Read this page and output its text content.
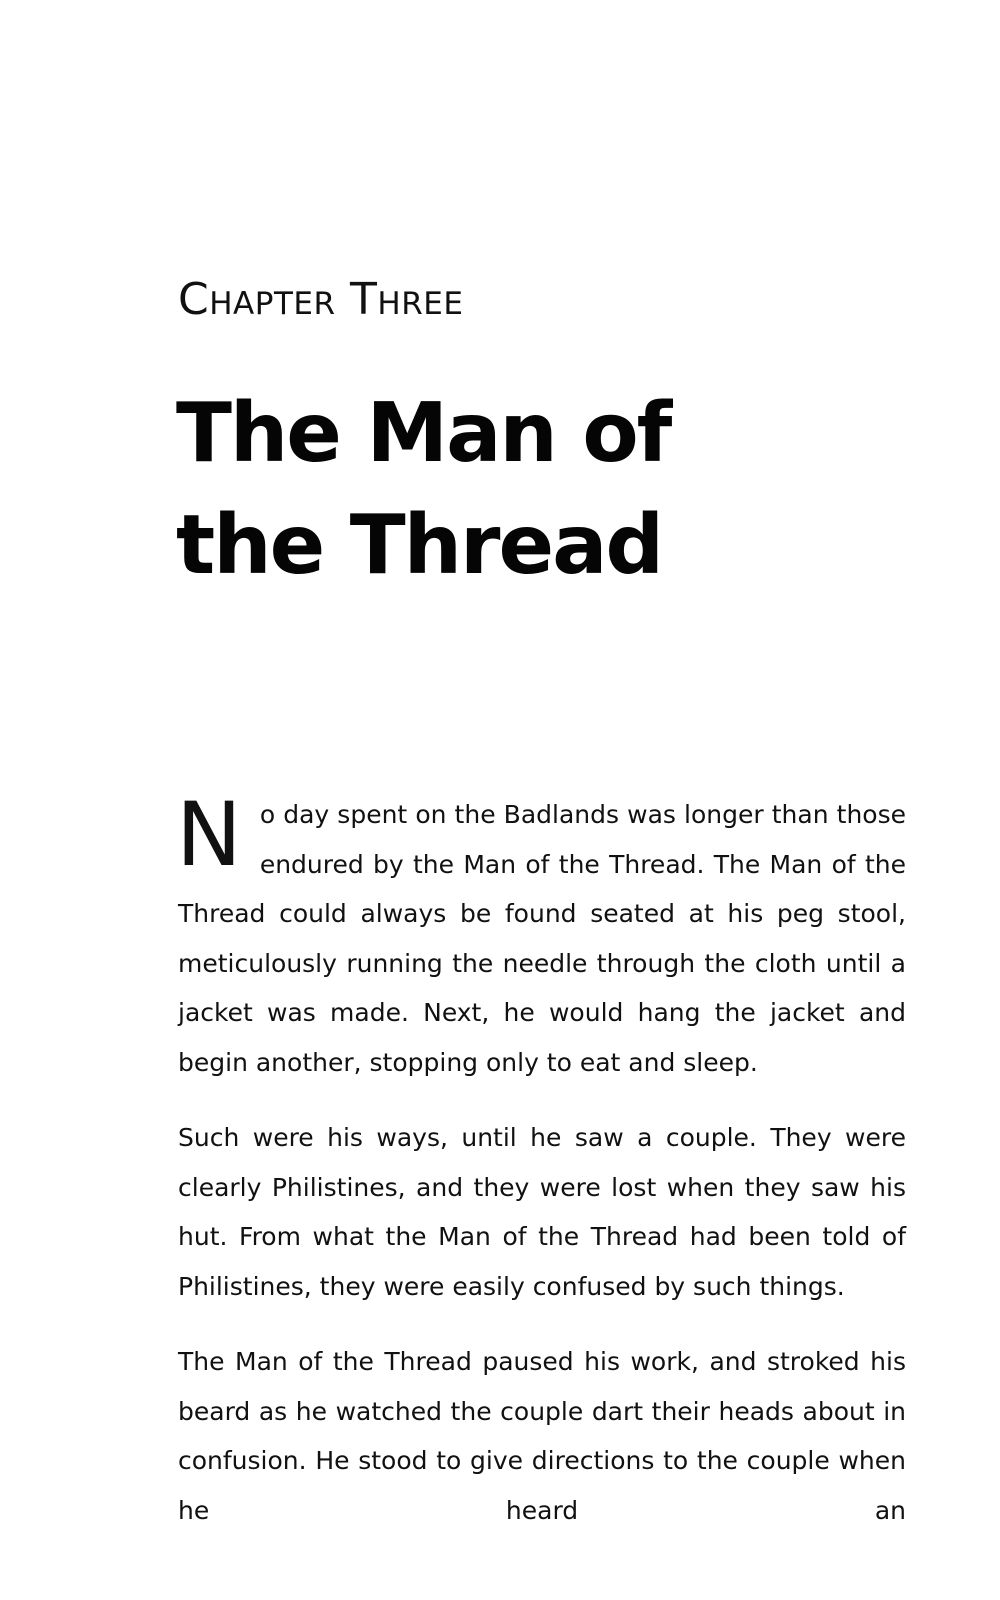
Chapter Three
The Man of
the Thread

No day spent on the Badlands was longer than those endured by the Man of the Thread. The Man of the Thread could always be found seated at his peg stool, meticulously running the needle through the cloth until a jacket was made. Next, he would hang the jacket and begin another, stopping only to eat and sleep.

Such were his ways, until he saw a couple. They were clearly Philistines, and they were lost when they saw his hut. From what the Man of the Thread had been told of Philistines, they were easily confused by such things.

The Man of the Thread paused his work, and stroked his beard as he watched the couple dart their heads about in confusion. He stood to give directions to the couple when he heard an
